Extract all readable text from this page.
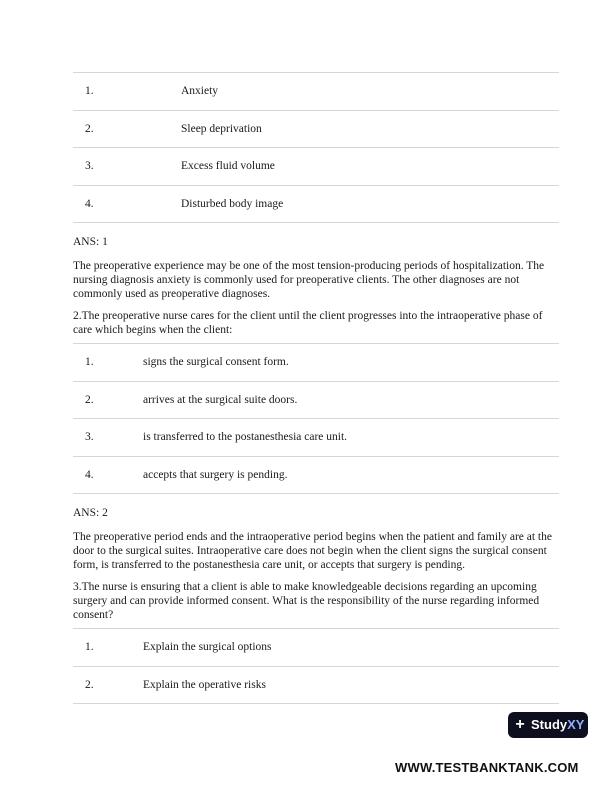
1.	Anxiety
2.	Sleep deprivation
3.	Excess fluid volume
4.	Disturbed body image

ANS: 1

The preoperative experience may be one of the most tension-producing periods of hospitalization. The nursing diagnosis anxiety is commonly used for preoperative clients. The other diagnoses are not commonly used as preoperative diagnoses.

2.The preoperative nurse cares for the client until the client progresses into the intraoperative phase of care which begins when the client:

1.	signs the surgical consent form.
2.	arrives at the surgical suite doors.
3.	is transferred to the postanesthesia care unit.
4.	accepts that surgery is pending.

ANS: 2

The preoperative period ends and the intraoperative period begins when the patient and family are at the door to the surgical suites. Intraoperative care does not begin when the client signs the surgical consent form, is transferred to the postanesthesia care unit, or accepts that surgery is pending.

3.The nurse is ensuring that a client is able to make knowledgeable decisions regarding an upcoming surgery and can provide informed consent. What is the responsibility of the nurse regarding informed consent?

1.	Explain the surgical options
2.	Explain the operative risks
+ Study XY
WWW.TESTBANKTANK.COM
